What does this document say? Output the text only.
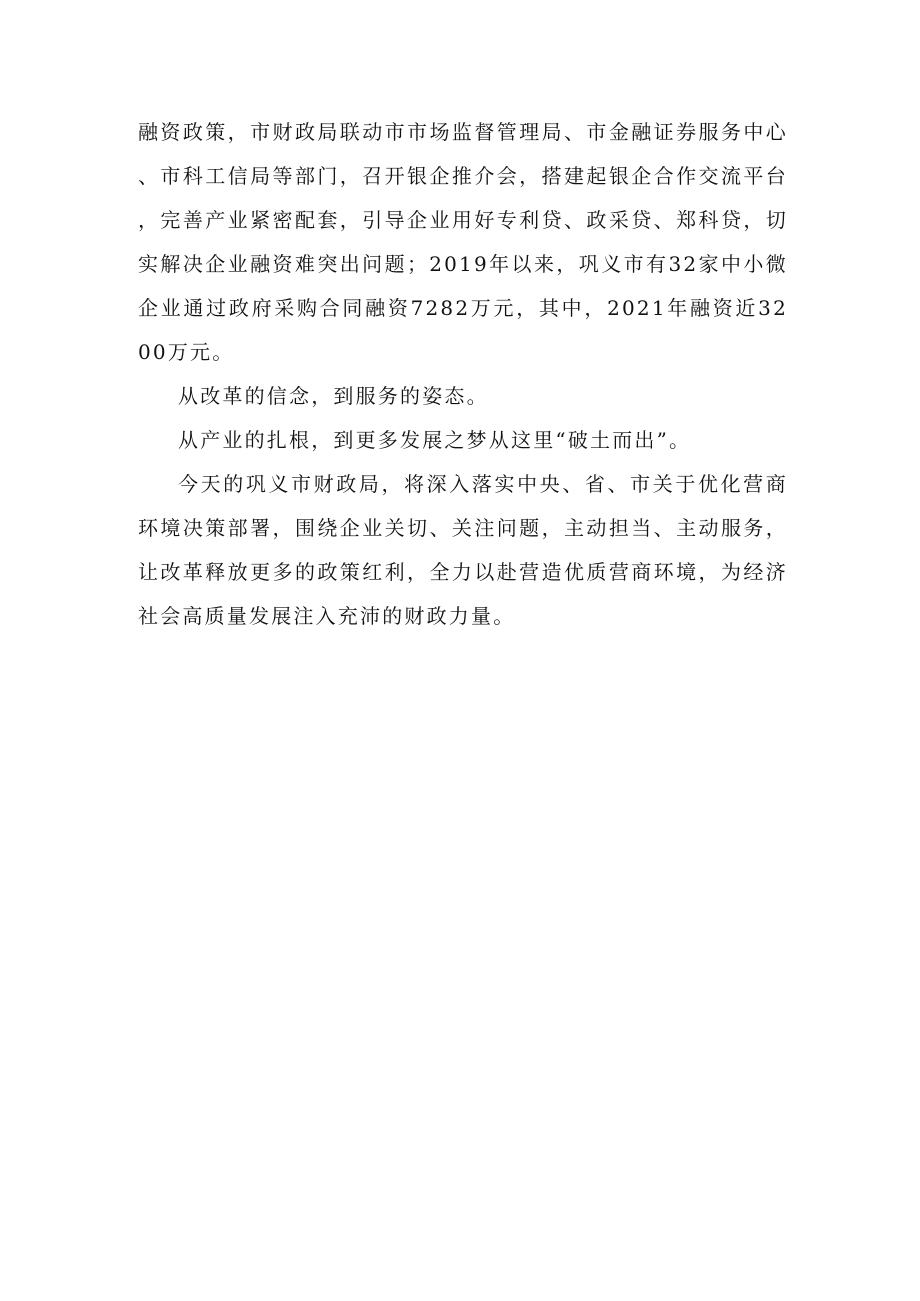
融资政策，市财政局联动市市场监督管理局、市金融证券服务中心、市科工信局等部门，召开银企推介会，搭建起银企合作交流平台，完善产业紧密配套，引导企业用好专利贷、政采贷、郑科贷，切实解决企业融资难突出问题；2019年以来，巩义市有32家中小微企业通过政府采购合同融资7282万元，其中，2021年融资近3200万元。

从改革的信念，到服务的姿态。

从产业的扎根，到更多发展之梦从这里“破土而出”。

今天的巩义市财政局，将深入落实中央、省、市关于优化营商环境决策部署，围绕企业关切、关注问题，主动担当、主动服务，让改革释放更多的政策红利，全力以赴营造优质营商环境，为经济社会高质量发展注入充沛的财政力量。
